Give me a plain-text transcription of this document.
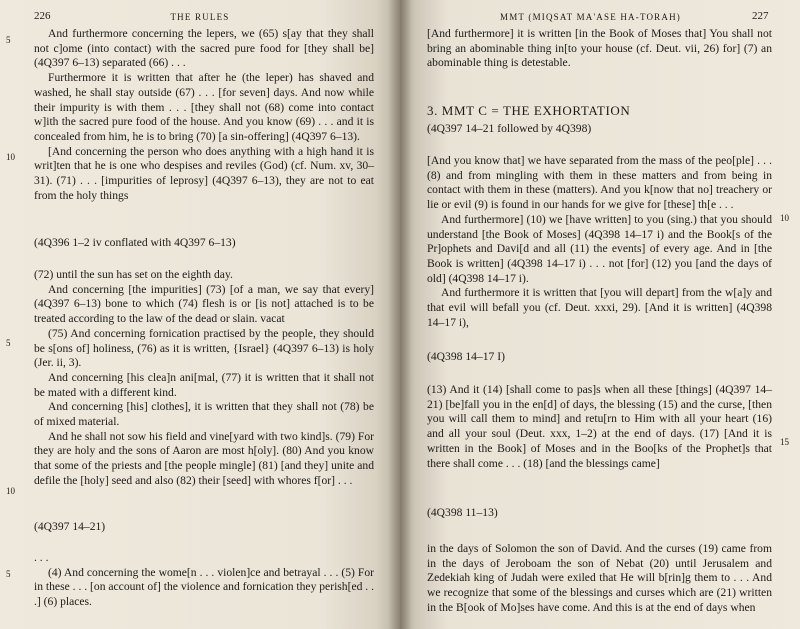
226	THE RULES
5
10
5
10
5

And furthermore concerning the lepers, we (65) s[ay that they shall not c]ome (into contact) with the sacred pure food for [they shall be] (4Q397 6–13) separated (66) . . .

Furthermore it is written that after he (the leper) has shaved and washed, he shall stay outside (67) . . . [for seven] days. And now while their impurity is with them . . . [they shall not (68) come into contact w]ith the sacred pure food of the house. And you know (69) . . . and it is concealed from him, he is to bring (70) [a sin-offering] (4Q397 6–13).

[And concerning the person who does anything with a high hand it is writ]ten that he is one who despises and reviles (God) (cf. Num. xv, 30–31). (71) . . . [impurities of leprosy] (4Q397 6–13), they are not to eat from the holy things

(4Q396 1–2 iv conflated with 4Q397 6–13)

(72) until the sun has set on the eighth day.

And concerning [the impurities] (73) [of a man, we say that every] (4Q397 6–13) bone to which (74) flesh is or [is not] attached is to be treated according to the law of the dead or slain. vacat

(75) And concerning fornication practised by the people, they should be s[ons of] holiness, (76) as it is written, {Israel} (4Q397 6–13) is holy (Jer. ii, 3).

And concerning [his clea]n ani[mal, (77) it is written that it shall not be mated with a different kind.

And concerning [his] clothes], it is written that they shall not (78) be of mixed material.

And he shall not sow his field and vine[yard with two kind]s. (79) For they are holy and the sons of Aaron are most h[oly]. (80) And you know that some of the priests and [the people mingle] (81) [and they] unite and defile the [holy] seed and also (82) their [seed] with whores f[or] . . .

(4Q397 14–21)

. . .

(4) And concerning the wome[n . . . violen]ce and betrayal . . . (5) For in these . . . [on account of] the violence and fornication they perish[ed . . .] (6) places.

MMT (MIQSAT MA'ASE HA-TORAH)	227
10
15

[And furthermore] it is written [in the Book of Moses that] You shall not bring an abominable thing in[to your house (cf. Deut. vii, 26) for] (7) an abominable thing is detestable.

3. MMT C = THE EXHORTATION

(4Q397 14–21 followed by 4Q398)

[And you know that] we have separated from the mass of the peo[ple] . . . (8) and from mingling with them in these matters and from being in contact with them in these (matters). And you k[now that no] treachery or lie or evil (9) is found in our hands for we give for [these] th[e . . .

And furthermore] (10) we [have written] to you (sing.) that you should understand [the Book of Moses] (4Q398 14–17 i) and the Book[s of the Pr]ophets and Davi[d and all (11) the events] of every age. And in [the Book is written] (4Q398 14–17 i) . . . not [for] (12) you [and the days of old] (4Q398 14–17 i).

And furthermore it is written that [you will depart] from the w[a]y and that evil will befall you (cf. Deut. xxxi, 29). [And it is written] (4Q398 14–17 i),

(4Q398 14–17 I)

(13) And it (14) [shall come to pas]s when all these [things] (4Q397 14–21) [be]fall you in the en[d] of days, the blessing (15) and the curse, [then you will call them to mind] and retu[rn to Him with all your heart (16) and all your soul (Deut. xxx, 1–2) at the end of days. (17) [And it is written in the Book] of Moses and in the Boo[ks of the Prophet]s that there shall come . . . (18) [and the blessings came]

(4Q398 11–13)

in the days of Solomon the son of David. And the curses (19) came from in the days of Jeroboam the son of Nebat (20) until Jerusalem and Zedekiah king of Judah were exiled that He will b[rin]g them to . . . And we recognize that some of the blessings and curses which are (21) written in the B[ook of Mo]ses have come. And this is at the end of days when
